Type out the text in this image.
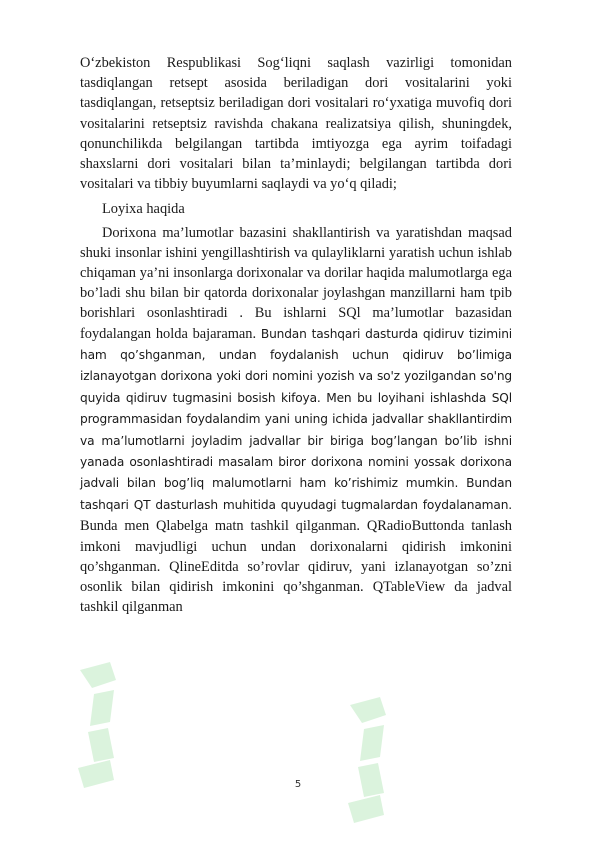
O‘zbekiston Respublikasi Sog‘liqni saqlash vazirligi tomonidan tasdiqlangan retsept asosida beriladigan dori vositalarini yoki tasdiqlangan, retseptsiz beriladigan dori vositalari ro‘yxatiga muvofiq dori vositalarini retseptsiz ravishda chakana realizatsiya qilish, shuningdek, qonunchilikda belgilangan tartibda imtiyozga ega ayrim toifadagi shaxslarni dori vositalari bilan ta’minlaydi; belgilangan tartibda dori vositalari va tibbiy buyumlarni saqlaydi va yo‘q qiladi;

Loyixa haqida

Dorixona ma’lumotlar bazasini shakllantirish va yaratishdan maqsad shuki insonlar ishini yengillashtirish va qulayliklarni yaratish uchun ishlab chiqaman ya’ni insonlarga dorixonalar va dorilar haqida malumotlarga ega bo’ladi shu bilan bir qatorda dorixonalar joylashgan manzillarni ham tpib borishlari osonlashtiradi . Bu ishlarni SQl ma’lumotlar bazasidan foydalangan holda bajaraman. Bundan tashqari dasturda qidiruv tizimini ham qo’shganman, undan foydalanish uchun qidiruv bo’limiga izlanayotgan dorixona yoki dori nomini yozish va so'z yozilgandan so'ng quyida qidiruv tugmasini bosish kifoya. Men bu loyihani ishlashda SQl programmasidan foydalandim yani uning ichida jadvallar shakllantirdim va ma’lumotlarni joyladim jadvallar bir biriga bog’langan bo’lib ishni yanada osonlashtiradi masalam biror dorixona nomini yossak dorixona jadvali bilan bog’liq malumotlarni ham ko’rishimiz mumkin. Bundan tashqari QT dasturlash muhitida quyudagi tugmalardan foydalanaman. Bunda men Qlabelga matn tashkil qilganman. QRadioButtonda tanlash imkoni mavjudligi uchun undan dorixonalarni qidirish imkonini qo’shganman. QlineEditda so’rovlar qidiruv, yani izlanayotgan so’zni osonlik bilan qidirish imkonini qo’shganman. QTableView da jadval tashkil qilganman

5
